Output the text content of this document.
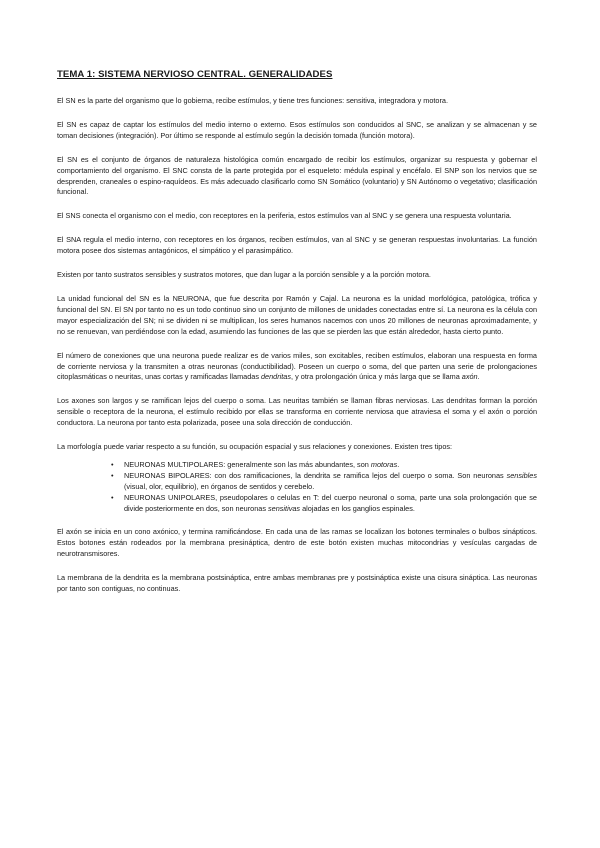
TEMA 1: SISTEMA NERVIOSO CENTRAL. GENERALIDADES

El SN es la parte del organismo que lo gobierna, recibe estímulos, y tiene tres funciones: sensitiva, integradora y motora.

El SN es capaz de captar los estímulos del medio interno o externo. Esos estímulos son conducidos al SNC, se analizan y se almacenan y se toman decisiones (integración). Por último se responde al estímulo según la decisión tomada (función motora).

El SN es el conjunto de órganos de naturaleza histológica común encargado de recibir los estímulos, organizar su respuesta y gobernar el comportamiento del organismo. El SNC consta de la parte protegida por el esqueleto: médula espinal y encéfalo. El SNP son los nervios que se desprenden, craneales o espino-raquídeos. Es más adecuado clasificarlo como SN Somático (voluntario) y SN Autónomo o vegetativo; clasificación funcional.

El SNS conecta el organismo con el medio, con receptores en la periferia, estos estímulos van al SNC y se genera una respuesta voluntaria.

El SNA regula el medio interno, con receptores en los órganos, reciben estímulos, van al SNC y se generan respuestas involuntarias. La función motora posee dos sistemas antagónicos, el simpático y el parasimpático.

Existen por tanto sustratos sensibles y sustratos motores, que dan lugar a la porción sensible y a la porción motora.

La unidad funcional del SN es la NEURONA, que fue descrita por Ramón y Cajal. La neurona es la unidad morfológica, patológica, trófica y funcional del SN. El SN por tanto no es un todo continuo sino un conjunto de millones de unidades conectadas entre sí. La neurona es la célula con mayor especialización del SN; ni se dividen ni se multiplican, los seres humanos nacemos con unos 20 millones de neuronas aproximadamente, y no se renuevan, van perdiéndose con la edad, asumiendo las funciones de las que se pierden las que están alrededor, hasta cierto punto.

El número de conexiones que una neurona puede realizar es de varios miles, son excitables, reciben estímulos, elaboran una respuesta en forma de corriente nerviosa y la transmiten a otras neuronas (conductibilidad). Poseen un cuerpo o soma, del que parten una serie de prolongaciones citoplasmáticas o neuritas, unas cortas y ramificadas llamadas dendritas, y otra prolongación única y más larga que se llama axón.

Los axones son largos y se ramifican lejos del cuerpo o soma. Las neuritas también se llaman fibras nerviosas. Las dendritas forman la porción sensible o receptora de la neurona, el estímulo recibido por ellas se transforma en corriente nerviosa que atraviesa el soma y el axón o porción conductora. La neurona por tanto esta polarizada, posee una sola dirección de conducción.

La morfología puede variar respecto a su función, su ocupación espacial y sus relaciones y conexiones. Existen tres tipos:

• NEURONAS MULTIPOLARES: generalmente son las más abundantes, son motoras.
• NEURONAS BIPOLARES: con dos ramificaciones, la dendrita se ramifica lejos del cuerpo o soma. Son neuronas sensibles (visual, olor, equilibrio), en órganos de sentidos y cerebelo.
• NEURONAS UNIPOLARES, pseudopolares o celulas en T: del cuerpo neuronal o soma, parte una sola prolongación que se divide posteriormente en dos, son neuronas sensitivas alojadas en los ganglios espinales.

El axón se inicia en un cono axónico, y termina ramificándose. En cada una de las ramas se localizan los botones terminales o bulbos sinápticos. Estos botones están rodeados por la membrana presináptica, dentro de este botón existen muchas mitocondrias y vesículas cargadas de neurotransmisores.

La membrana de la dendrita es la membrana postsináptica, entre ambas membranas pre y postsináptica existe una cisura sináptica. Las neuronas por tanto son contiguas, no continuas.
